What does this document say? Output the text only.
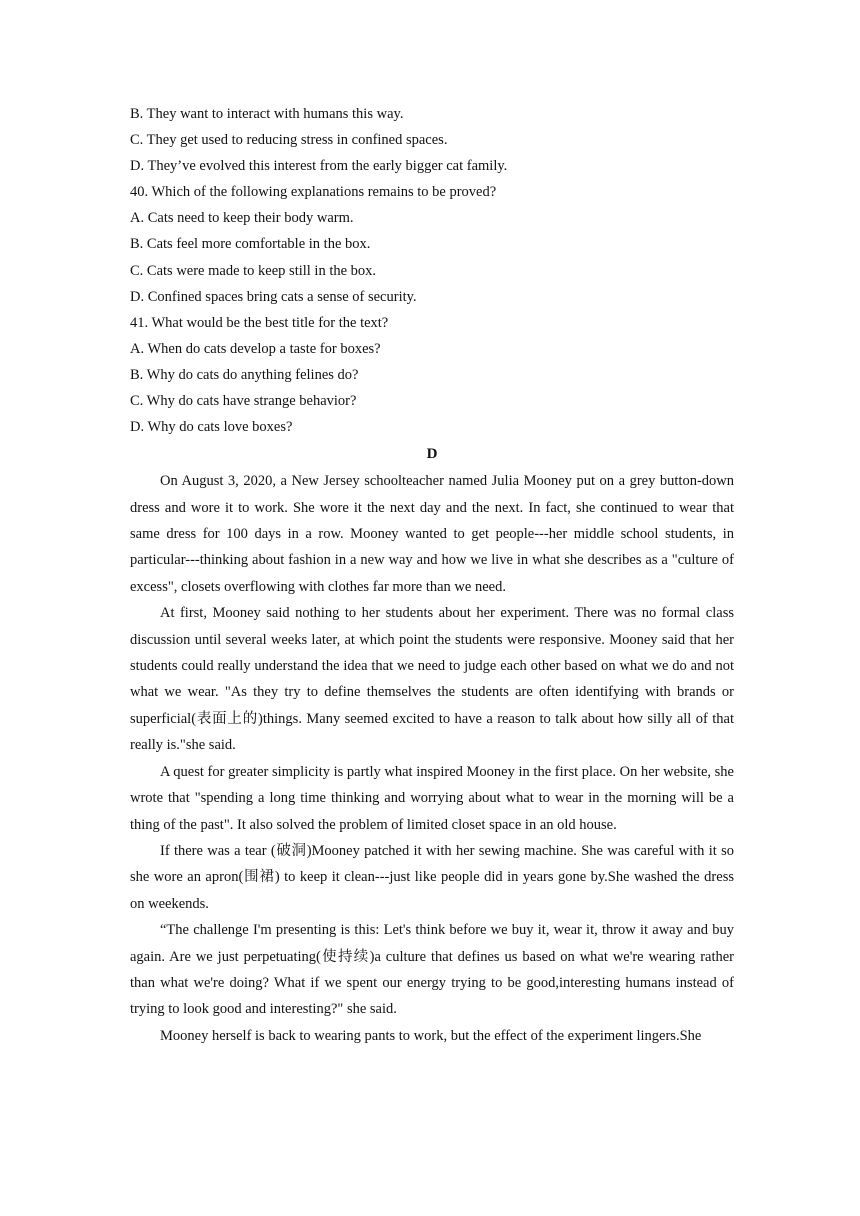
B. They want to interact with humans this way.

C. They get used to reducing stress in confined spaces.

D. They’ve evolved this interest from the early bigger cat family.

40. Which of the following explanations remains to be proved?

A. Cats need to keep their body warm.

B. Cats feel more comfortable in the box.

C. Cats were made to keep still in the box.

D. Confined spaces bring cats a sense of security.

41. What would be the best title for the text?

A. When do cats develop a taste for boxes?

B. Why do cats do anything felines do?

C. Why do cats have strange behavior?

D. Why do cats love boxes?

D

On August 3, 2020, a New Jersey schoolteacher named Julia Mooney put on a grey button-down dress and wore it to work. She wore it the next day and the next. In fact, she continued to wear that same dress for 100 days in a row. Mooney wanted to get people---her middle school students, in particular---thinking about fashion in a new way and how we live in what she describes as a "culture of excess", closets overflowing with clothes far more than we need.

At first, Mooney said nothing to her students about her experiment. There was no formal class discussion until several weeks later, at which point the students were responsive. Mooney said that her students could really understand the idea that we need to judge each other based on what we do and not what we wear. "As they try to define themselves the students are often identifying with brands or superficial(表面上的)things. Many seemed excited to have a reason to talk about how silly all of that really is."she said.

A quest for greater simplicity is partly what inspired Mooney in the first place. On her website, she wrote that "spending a long time thinking and worrying about what to wear in the morning will be a thing of the past". It also solved the problem of limited closet space in an old house.

If there was a tear (破洞)Mooney patched it with her sewing machine. She was careful with it so she wore an apron(围裙) to keep it clean---just like people did in years gone by.She washed the dress on weekends.

“The challenge I'm presenting is this: Let's think before we buy it, wear it, throw it away and buy again. Are we just perpetuating(使持续)a culture that defines us based on what we're wearing rather than what we're doing? What if we spent our energy trying to be good,interesting humans instead of trying to look good and interesting?" she said.

Mooney herself is back to wearing pants to work, but the effect of the experiment lingers.She
